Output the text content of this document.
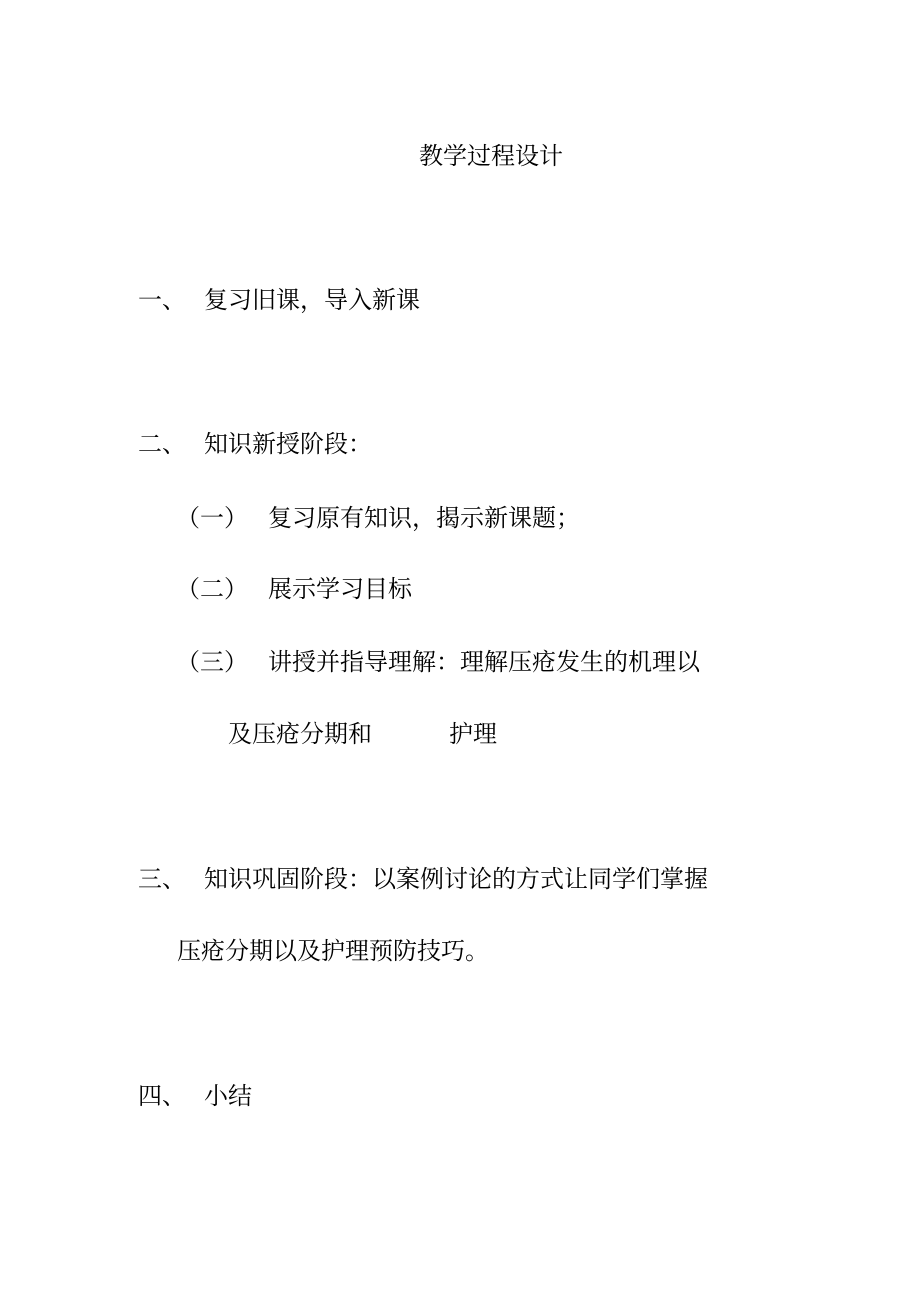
教学过程设计
一、 复习旧课，导入新课
二、 知识新授阶段：
（一） 复习原有知识，揭示新课题；
（二） 展示学习目标
（三） 讲授并指导理解：理解压疮发生的机理以
及压疮分期和	护理
三、 知识巩固阶段：以案例讨论的方式让同学们掌握
压疮分期以及护理预防技巧。
四、 小结
